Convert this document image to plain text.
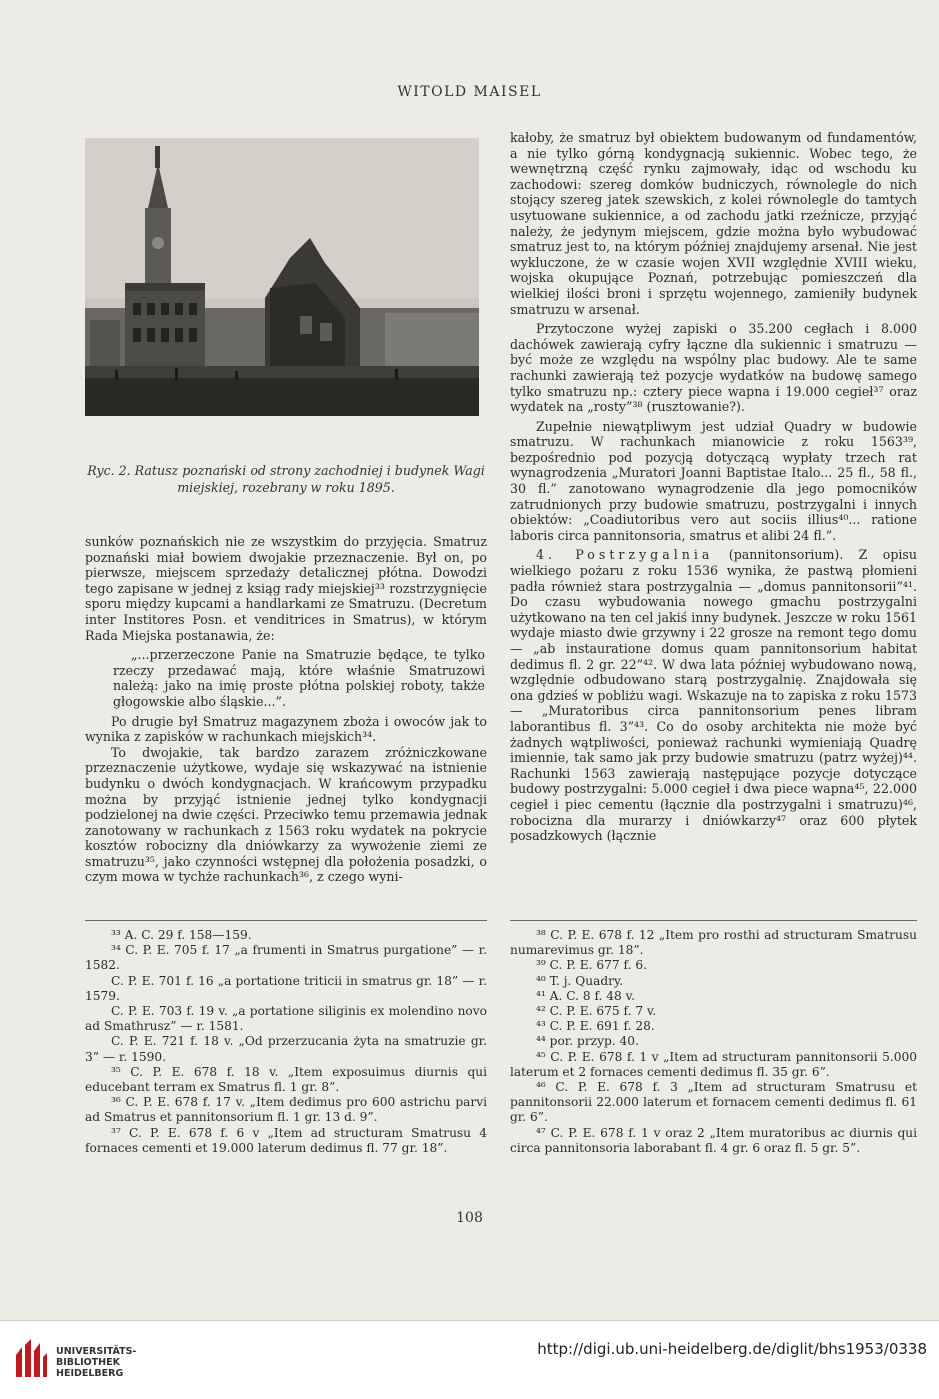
WITOLD MAISEL
Ryc. 2. Ratusz poznański od strony zachodniej i budynek Wagi miejskiej, rozebrany w roku 1895.

sunków poznańskich nie ze wszystkim do przyjęcia. Smatruz poznański miał bowiem dwojakie przeznaczenie. Był on, po pierwsze, miejscem sprzedaży detalicznej płótna. Dowodzi tego zapisane w jednej z ksiąg rady miejskiej³³ rozstrzygnięcie sporu między kupcami a handlarkami ze Smatruzu. (Decretum inter Institores Posn. et venditrices in Smatrus), w którym Rada Miejska postanawia, że:

„...przerzeczone Panie na Smatruzie będące, te tylko rzeczy przedawać mają, które właśnie Smatruzowi należą: jako na imię proste płótna polskiej roboty, także głogowskie albo śląskie...”.

Po drugie był Smatruz magazynem zboża i owoców jak to wynika z zapisków w rachunkach miejskich³⁴.

To dwojakie, tak bardzo zarazem zróżniczkowane przeznaczenie użytkowe, wydaje się wskazywać na istnienie budynku o dwóch kondygnacjach. W krańcowym przypadku można by przyjąć istnienie jednej tylko kondygnacji podzielonej na dwie części. Przeciwko temu przemawia jednak zanotowany w rachunkach z 1563 roku wydatek na pokrycie kosztów robocizny dla dniówkarzy za wywożenie ziemi ze smatruzu³⁵, jako czynności wstępnej dla położenia posadzki, o czym mowa w tychże rachunkach³⁶, z czego wyni-

kałoby, że smatruz był obiektem budowanym od fundamentów, a nie tylko górną kondygnacją sukiennic. Wobec tego, że wewnętrzną część rynku zajmowały, idąc od wschodu ku zachodowi: szereg domków budniczych, równolegle do nich stojący szereg jatek szewskich, z kolei równolegle do tamtych usytuowane sukiennice, a od zachodu jatki rzeźnicze, przyjąć należy, że jedynym miejscem, gdzie można było wybudować smatruz jest to, na którym później znajdujemy arsenał. Nie jest wykluczone, że w czasie wojen XVII względnie XVIII wieku, wojska okupujące Poznań, potrzebując pomieszczeń dla wielkiej ilości broni i sprzętu wojennego, zamieniły budynek smatruzu w arsenał.

Przytoczone wyżej zapiski o 35.200 cegłach i 8.000 dachówek zawierają cyfry łączne dla sukiennic i smatruzu — być może ze względu na wspólny plac budowy. Ale te same rachunki zawierają też pozycje wydatków na budowę samego tylko smatruzu np.: cztery piece wapna i 19.000 cegieł³⁷ oraz wydatek na „rosty”³⁸ (rusztowanie?).

Zupełnie niewątpliwym jest udział Quadry w budowie smatruzu. W rachunkach mianowicie z roku 1563³⁹, bezpośrednio pod pozycją dotyczącą wypłaty trzech rat wynagrodzenia „Muratori Joanni Baptistae Italo... 25 fl., 58 fl., 30 fl.” zanotowano wynagrodzenie dla jego pomocników zatrudnionych przy budowie smatruzu, postrzygalni i innych obiektów: „Coadiutoribus vero aut sociis illius⁴⁰... ratione laboris circa pannitonsoria, smatrus et alibi 24 fl.”.

4. Postrzygalnia (pannitonsorium). Z opisu wielkiego pożaru z roku 1536 wynika, że pastwą płomieni padła również stara postrzygalnia — „domus pannitonsorii”⁴¹. Do czasu wybudowania nowego gmachu postrzygalni użytkowano na ten cel jakiś inny budynek. Jeszcze w roku 1561 wydaje miasto dwie grzywny i 22 grosze na remont tego domu— „ab instauratione domus quam pannitonsorium habitat dedimus fl. 2 gr. 22”⁴². W dwa lata później wybudowano nową, względnie odbudowano starą postrzygalnię. Znajdowała się ona gdzieś w pobliżu wagi. Wskazuje na to zapiska z roku 1573 — „Muratoribus circa pannitonsorium penes libram laborantibus fl. 3”⁴³. Co do osoby architekta nie może być żadnych wątpliwości, ponieważ rachunki wymieniają Quadrę imiennie, tak samo jak przy budowie smatruzu (patrz wyżej)⁴⁴. Rachunki 1563 zawierają następujące pozycje dotyczące budowy postrzygalni: 5.000 cegieł i dwa piece wapna⁴⁵, 22.000 cegieł i piec cementu (łącznie dla postrzygalni i smatruzu)⁴⁶, robocizna dla murarzy i dniówkarzy⁴⁷ oraz 600 płytek posadzkowych (łącznie

³³ A. C. 29 f. 158—159.

³⁴ C. P. E. 705 f. 17 „a frumenti in Smatrus purgatione” — r. 1582.

C. P. E. 701 f. 16 „a portatione triticii in smatrus gr. 18” — r. 1579.

C. P. E. 703 f. 19 v. „a portatione siliginis ex molendino novo ad Smathrusz” — r. 1581.

C. P. E. 721 f. 18 v. „Od przerzucania żyta na smatruzie gr. 3” — r. 1590.

³⁵ C. P. E. 678 f. 18 v. „Item exposuimus diurnis qui educebant terram ex Smatrus fl. 1 gr. 8”.

³⁶ C. P. E. 678 f. 17 v. „Item dedimus pro 600 astrichu parvi ad Smatrus et pannitonsorium fl. 1 gr. 13 d. 9”.

³⁷ C. P. E. 678 f. 6 v „Item ad structuram Smatrusu 4 fornaces cementi et 19.000 laterum dedimus fl. 77 gr. 18”.

³⁸ C. P. E. 678 f. 12 „Item pro rosthi ad structuram Smatrusu numarevimus gr. 18”.

³⁹ C. P. E. 677 f. 6.

⁴⁰ T. j. Quadry.

⁴¹ A. C. 8 f. 48 v.

⁴² C. P. E. 675 f. 7 v.

⁴³ C. P. E. 691 f. 28.

⁴⁴ por. przyp. 40.

⁴⁵ C. P. E. 678 f. 1 v „Item ad structuram pannitonsorii 5.000 laterum et 2 fornaces cementi dedimus fl. 35 gr. 6”.

⁴⁶ C. P. E. 678 f. 3 „Item ad structuram Smatrusu et pannitonsorii 22.000 laterum et fornacem cementi dedimus fl. 61 gr. 6”.

⁴⁷ C. P. E. 678 f. 1 v oraz 2 „Item muratoribus ac diurnis qui circa pannitonsoria laborabant fl. 4 gr. 6 oraz fl. 5 gr. 5”.

108
UNIVERSITÄTS-
BIBLIOTHEK
HEIDELBERG
http://digi.ub.uni-heidelberg.de/diglit/bhs1953/0338
